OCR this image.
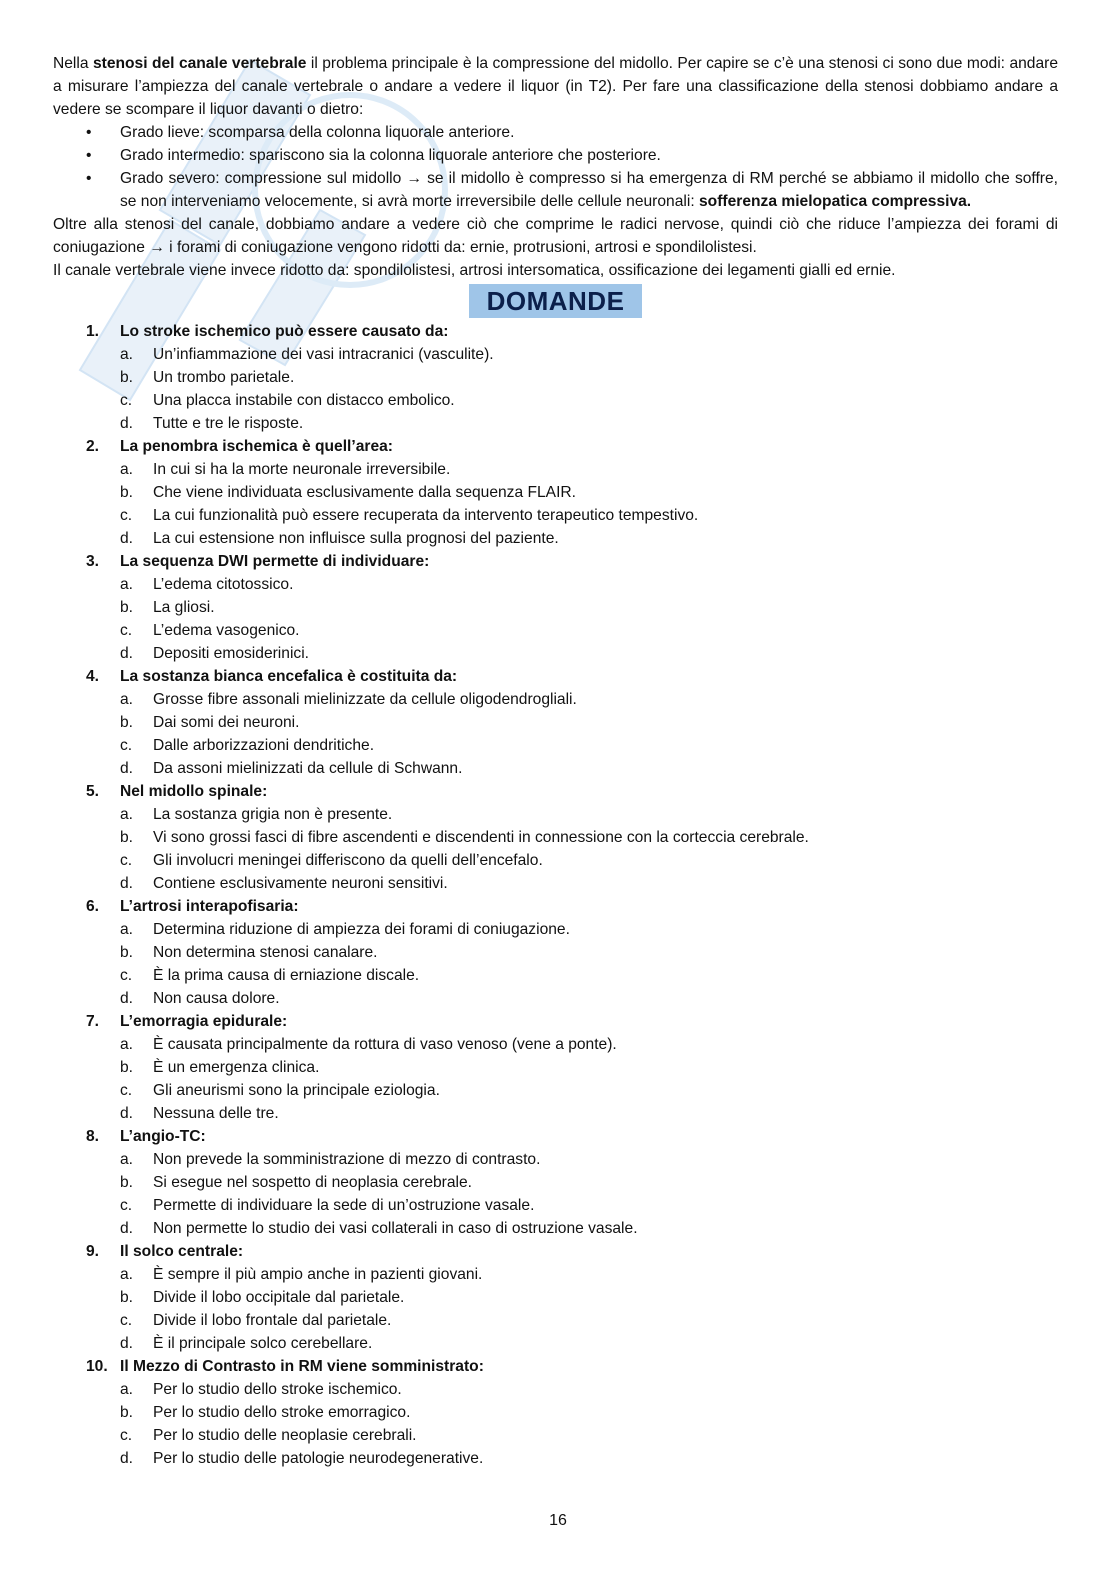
Nella stenosi del canale vertebrale il problema principale è la compressione del midollo. Per capire se c’è una stenosi ci sono due modi: andare a misurare l’ampiezza del canale vertebrale o andare a vedere il liquor (in T2). Per fare una classificazione della stenosi dobbiamo andare a vedere se scompare il liquor davanti o dietro:

• Grado lieve: scomparsa della colonna liquorale anteriore.
• Grado intermedio: spariscono sia la colonna liquorale anteriore che posteriore.
• Grado severo: compressione sul midollo → se il midollo è compresso si ha emergenza di RM perché se abbiamo il midollo che soffre, se non interveniamo velocemente, si avrà morte irreversibile delle cellule neuronali: sofferenza mielopatica compressiva.

Oltre alla stenosi del canale, dobbiamo andare a vedere ciò che comprime le radici nervose, quindi ciò che riduce l’ampiezza dei forami di coniugazione → i forami di coniugazione vengono ridotti da: ernie, protrusioni, artrosi e spondilolistesi.

Il canale vertebrale viene invece ridotto da: spondilolistesi, artrosi intersomatica, ossificazione dei legamenti gialli ed ernie.

DOMANDE
1.	Lo stroke ischemico può essere causato da:
a. Un’infiammazione dei vasi intracranici (vasculite).
b. Un trombo parietale.
c. Una placca instabile con distacco embolico.
d. Tutte e tre le risposte.
2.	La penombra ischemica è quell’area:
a. In cui si ha la morte neuronale irreversibile.
b. Che viene individuata esclusivamente dalla sequenza FLAIR.
c. La cui funzionalità può essere recuperata da intervento terapeutico tempestivo.
d. La cui estensione non influisce sulla prognosi del paziente.
3.	La sequenza DWI permette di individuare:
a. L’edema citotossico.
b. La gliosi.
c. L’edema vasogenico.
d. Depositi emosiderinici.
4.	La sostanza bianca encefalica è costituita da:
a. Grosse fibre assonali mielinizzate da cellule oligodendrogliali.
b. Dai somi dei neuroni.
c. Dalle arborizzazioni dendritiche.
d. Da assoni mielinizzati da cellule di Schwann.
5.	Nel midollo spinale:
a. La sostanza grigia non è presente.
b. Vi sono grossi fasci di fibre ascendenti e discendenti in connessione con la corteccia cerebrale.
c. Gli involucri meningei differiscono da quelli dell’encefalo.
d. Contiene esclusivamente neuroni sensitivi.
6.	L’artrosi interapofisaria:
a. Determina riduzione di ampiezza dei forami di coniugazione.
b. Non determina stenosi canalare.
c. È la prima causa di erniazione discale.
d. Non causa dolore.
7.	L’emorragia epidurale:
a. È causata principalmente da rottura di vaso venoso (vene a ponte).
b. È un emergenza clinica.
c. Gli aneurismi sono la principale eziologia.
d. Nessuna delle tre.
8.	L’angio-TC:
a. Non prevede la somministrazione di mezzo di contrasto.
b. Si esegue nel sospetto di neoplasia cerebrale.
c. Permette di individuare la sede di un’ostruzione vasale.
d. Non permette lo studio dei vasi collaterali in caso di ostruzione vasale.
9.	Il solco centrale:
a. È sempre il più ampio anche in pazienti giovani.
b. Divide il lobo occipitale dal parietale.
c. Divide il lobo frontale dal parietale.
d. È il principale solco cerebellare.
10. Il Mezzo di Contrasto in RM viene somministrato:
a. Per lo studio dello stroke ischemico.
b. Per lo studio dello stroke emorragico.
c. Per lo studio delle neoplasie cerebrali.
d. Per lo studio delle patologie neurodegenerative.
16
